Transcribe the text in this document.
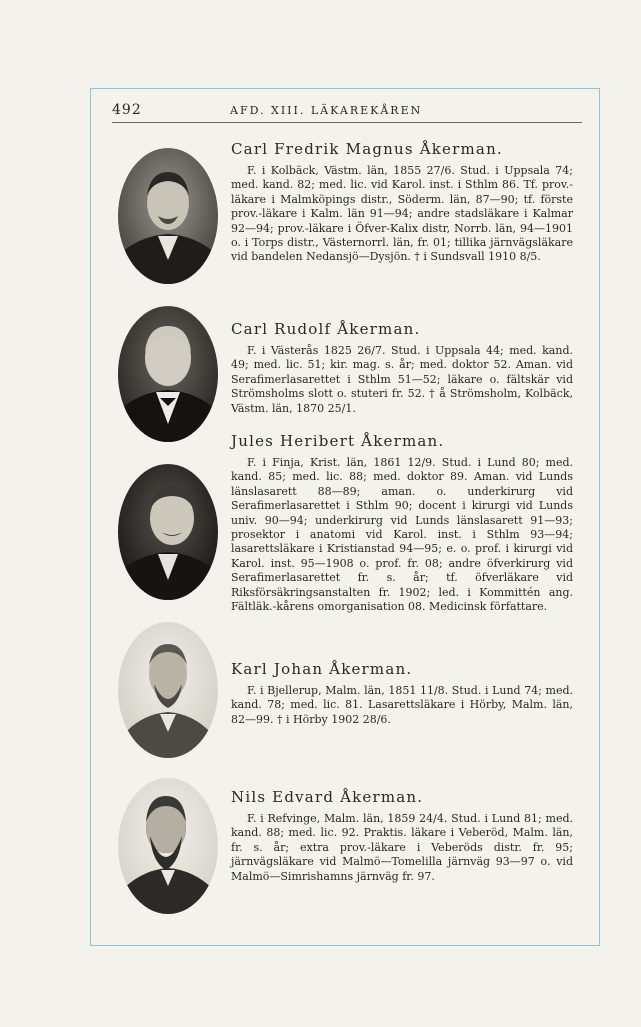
492	AFD. XIII. LÄKAREKÅREN
Carl Fredrik Magnus Åkerman.

F. i Kolbäck, Västm. län, 1855 27/6. Stud. i Uppsala 74; med. kand. 82; med. lic. vid Karol. inst. i Sthlm 86. Tf. prov.-läkare i Malmköpings distr., Söderm. län, 87—90; tf. förste prov.-läkare i Kalm. län 91—94; andre stadsläkare i Kalmar 92—94; prov.-läkare i Öfver-Kalix distr, Norrb. län, 94—1901 o. i Torps distr., Västernorrl. län, fr. 01; tillika järnvägsläkare vid bandelen Nedansjö—Dysjön. † i Sundsvall 1910 8/5.

Carl Rudolf Åkerman.

F. i Västerås 1825 26/7. Stud. i Uppsala 44; med. kand. 49; med. lic. 51; kir. mag. s. år; med. doktor 52. Aman. vid Serafimerlasarettet i Sthlm 51—52; läkare o. fältskär vid Strömsholms slott o. stuteri fr. 52. † å Strömsholm, Kolbäck, Västm. län, 1870 25/1.

Jules Heribert Åkerman.

F. i Finja, Krist. län, 1861 12/9. Stud. i Lund 80; med. kand. 85; med. lic. 88; med. doktor 89. Aman. vid Lunds länslasarett 88—89; aman. o. underkirurg vid Serafimerlasarettet i Sthlm 90; docent i kirurgi vid Lunds univ. 90—94; underkirurg vid Lunds länslasarett 91—93; prosektor i anatomi vid Karol. inst. i Sthlm 93—94; lasarettsläkare i Kristianstad 94—95; e. o. prof. i kirurgi vid Karol. inst. 95—1908 o. prof. fr. 08; andre öfverkirurg vid Serafimerlasarettet fr. s. år; tf. öfverläkare vid Riksförsäkringsanstalten fr. 1902; led. i Kommittén ang. Fältläk.-kårens omorganisation 08. Medicinsk författare.

Karl Johan Åkerman.

F. i Bjellerup, Malm. län, 1851 11/8. Stud. i Lund 74; med. kand. 78; med. lic. 81. Lasarettsläkare i Hörby, Malm. län, 82—99. † i Hörby 1902 28/6.

Nils Edvard Åkerman.

F. i Refvinge, Malm. län, 1859 24/4. Stud. i Lund 81; med. kand. 88; med. lic. 92. Praktis. läkare i Veberöd, Malm. län, fr. s. år; extra prov.-läkare i Veberöds distr. fr. 95; järnvägsläkare vid Malmö—Tomelilla järnväg 93—97 o. vid Malmö—Simrishamns järnväg fr. 97.
